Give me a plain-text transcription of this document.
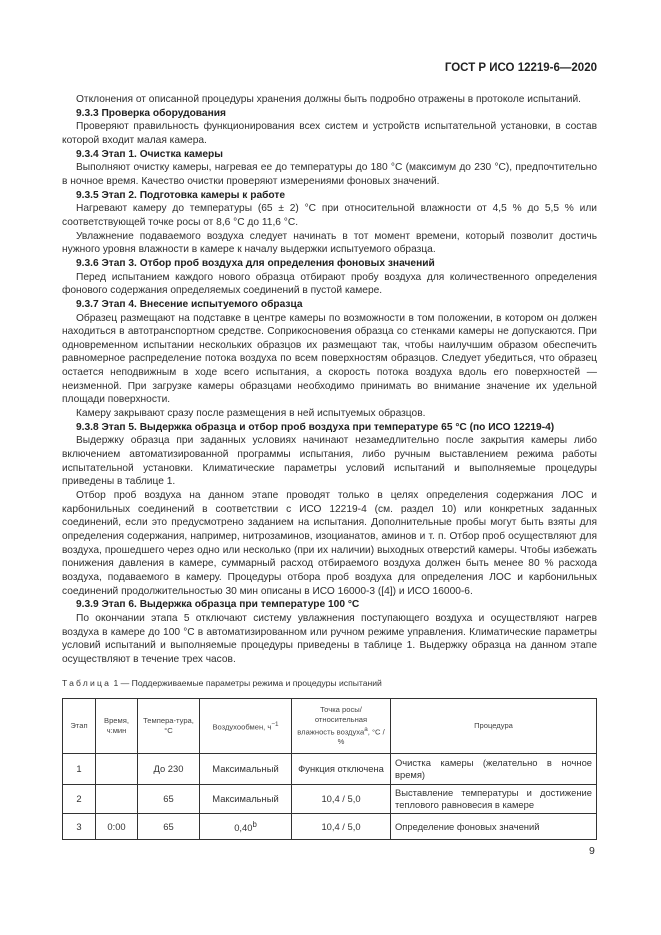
ГОСТ Р ИСО 12219-6—2020

Отклонения от описанной процедуры хранения должны быть подробно отражены в протоколе испытаний.

9.3.3 Проверка оборудования

Проверяют правильность функционирования всех систем и устройств испытательной установки, в состав которой входит малая камера.

9.3.4 Этап 1. Очистка камеры

Выполняют очистку камеры, нагревая ее до температуры до 180 °С (максимум до 230 °С), предпочтительно в ночное время. Качество очистки проверяют измерениями фоновых значений.

9.3.5 Этап 2. Подготовка камеры к работе

Нагревают камеру до температуры (65 ± 2) °С при относительной влажности от 4,5 % до 5,5 % или соответствующей точке росы от 8,6 °С до 11,6 °С.

Увлажнение подаваемого воздуха следует начинать в тот момент времени, который позволит достичь нужного уровня влажности в камере к началу выдержки испытуемого образца.

9.3.6 Этап 3. Отбор проб воздуха для определения фоновых значений

Перед испытанием каждого нового образца отбирают пробу воздуха для количественного определения фонового содержания определяемых соединений в пустой камере.

9.3.7 Этап 4. Внесение испытуемого образца

Образец размещают на подставке в центре камеры по возможности в том положении, в котором он должен находиться в автотранспортном средстве. Соприкосновения образца со стенками камеры не допускаются. При одновременном испытании нескольких образцов их размещают так, чтобы наилучшим образом обеспечить равномерное распределение потока воздуха по всем поверхностям образцов. Следует убедиться, что образец остается неподвижным в ходе всего испытания, а скорость потока воздуха вдоль его поверхностей — неизменной. При загрузке камеры образцами необходимо принимать во внимание значение их удельной площади поверхности.

Камеру закрывают сразу после размещения в ней испытуемых образцов.

9.3.8 Этап 5. Выдержка образца и отбор проб воздуха при температуре 65 °С (по ИСО 12219-4)

Выдержку образца при заданных условиях начинают незамедлительно после закрытия камеры либо включением автоматизированной программы испытания, либо ручным выставлением режима работы испытательной установки. Климатические параметры условий испытаний и выполняемые процедуры приведены в таблице 1.

Отбор проб воздуха на данном этапе проводят только в целях определения содержания ЛОС и карбонильных соединений в соответствии с ИСО 12219-4 (см. раздел 10) или конкретных заданных соединений, если это предусмотрено заданием на испытания. Дополнительные пробы могут быть взяты для определения содержания, например, нитрозаминов, изоцианатов, аминов и т. п. Отбор проб осуществляют для воздуха, прошедшего через одно или несколько (при их наличии) выходных отверстий камеры. Чтобы избежать понижения давления в камере, суммарный расход отбираемого воздуха должен быть менее 80 % расхода воздуха, подаваемого в камеру. Процедуры отбора проб воздуха для определения ЛОС и карбонильных соединений продолжительностью 30 мин описаны в ИСО 16000-3 ([4]) и ИСО 16000-6.

9.3.9 Этап 6. Выдержка образца при температуре 100 °С

По окончании этапа 5 отключают систему увлажнения поступающего воздуха и осуществляют нагрев воздуха в камере до 100 °С в автоматизированном или ручном режиме управления. Климатические параметры условий испытаний и выполняемые процедуры приведены в таблице 1. Выдержку образца на данном этапе осуществляют в течение трех часов.

Таблица 1 — Поддерживаемые параметры режима и процедуры испытаний
Этап	Время, ч:мин	Темпера-тура, °С	Воздухообмен, $ч^{-1}$	Точка росы/ относительная влажность воздуха$^a$, °С / %	Процедура
1		До 230	Максимальный	Функция отключена	Очистка камеры (желательно в ночное время)
2		65	Максимальный	10,4 / 5,0	Выставление температуры и достижение теплового равновесия в камере
3	0:00	65	0,40$^b$	10,4 / 5,0	Определение фоновых значений
9
